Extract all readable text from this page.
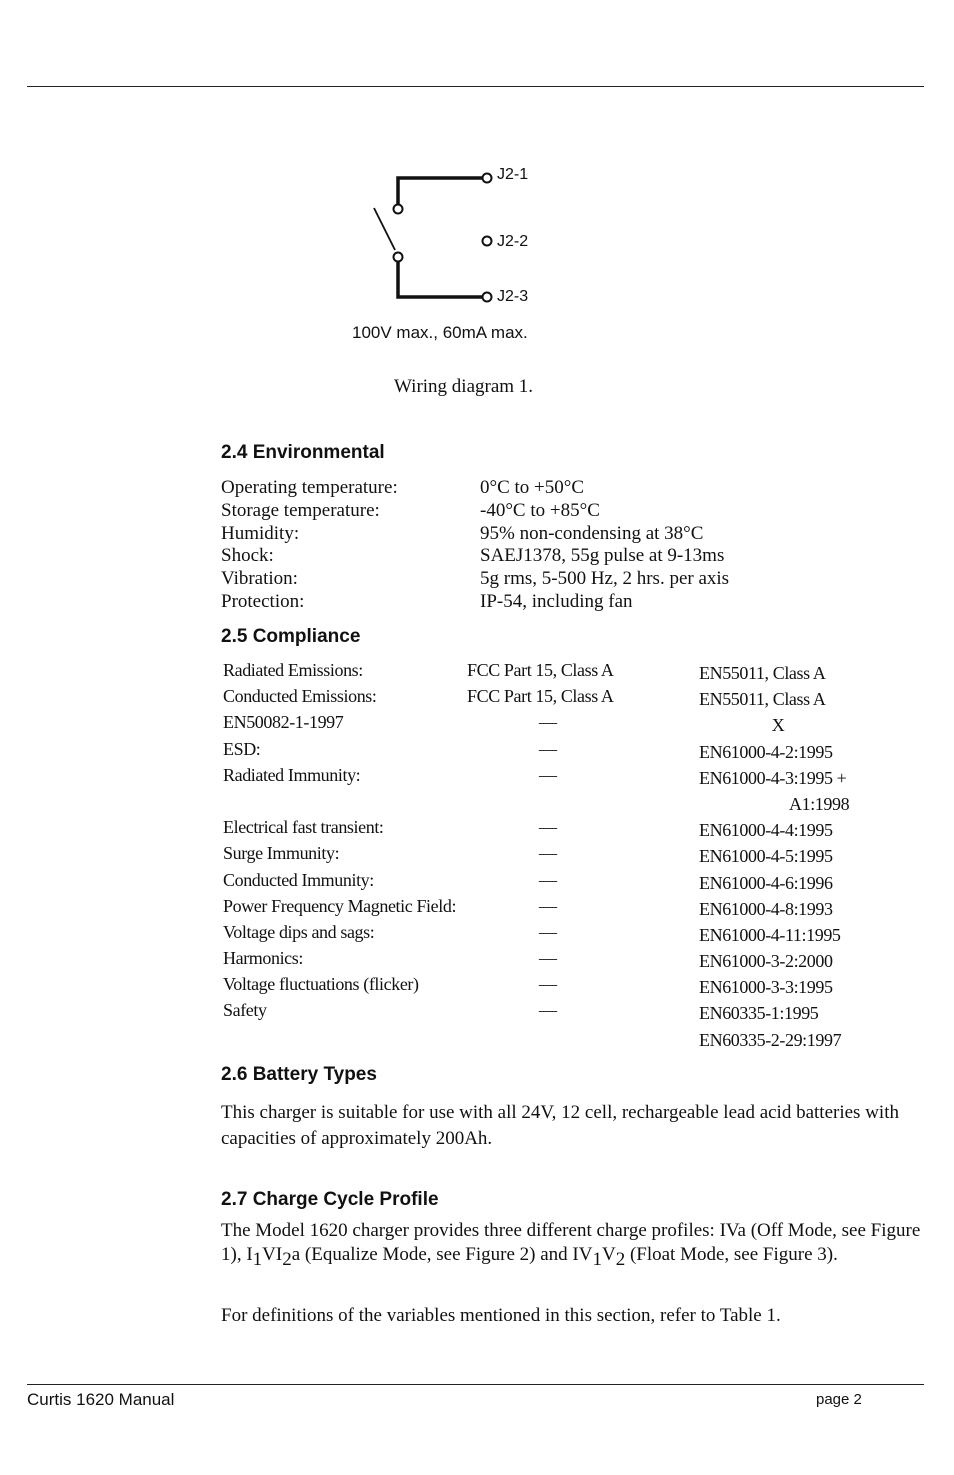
J2-1
J2-2
J2-3
100V max., 60mA max.
Wiring diagram 1.
2.4 Environmental
Operating temperature:	0°C to +50°C
Storage temperature:	-40°C to +85°C
Humidity:	95% non-condensing at 38°C
Shock:	SAEJ1378, 55g pulse at 9-13ms
Vibration:	5g rms, 5-500 Hz, 2 hrs. per axis
Protection:	IP-54, including fan
2.5 Compliance
Radiated Emissions:	FCC Part 15, Class A	EN55011, Class A
Conducted Emissions:	FCC Part 15, Class A	EN55011, Class A
EN50082-1-1997	—	X
ESD:	—	EN61000-4-2:1995
Radiated Immunity:	—	EN61000-4-3:1995 +
A1:1998
Electrical fast transient:	—	EN61000-4-4:1995
Surge Immunity:	—	EN61000-4-5:1995
Conducted Immunity:	—	EN61000-4-6:1996
Power Frequency Magnetic Field:	—	EN61000-4-8:1993
Voltage dips and sags:	—	EN61000-4-11:1995
Harmonics:	—	EN61000-3-2:2000
Voltage fluctuations (flicker)	—	EN61000-3-3:1995
Safety	—	EN60335-1:1995
EN60335-2-29:1997
2.6 Battery Types
This charger is suitable for use with all 24V, 12 cell, rechargeable lead acid batteries with capacities of approximately 200Ah.
2.7 Charge Cycle Profile
The Model 1620 charger provides three different charge profiles: IVa (Off Mode, see Figure 1), $I_1VI_2a$ (Equalize Mode, see Figure 2) and $IV_1V_2$ (Float Mode, see Figure 3).
For definitions of the variables mentioned in this section, refer to Table 1.
Curtis 1620 Manual	page 2
